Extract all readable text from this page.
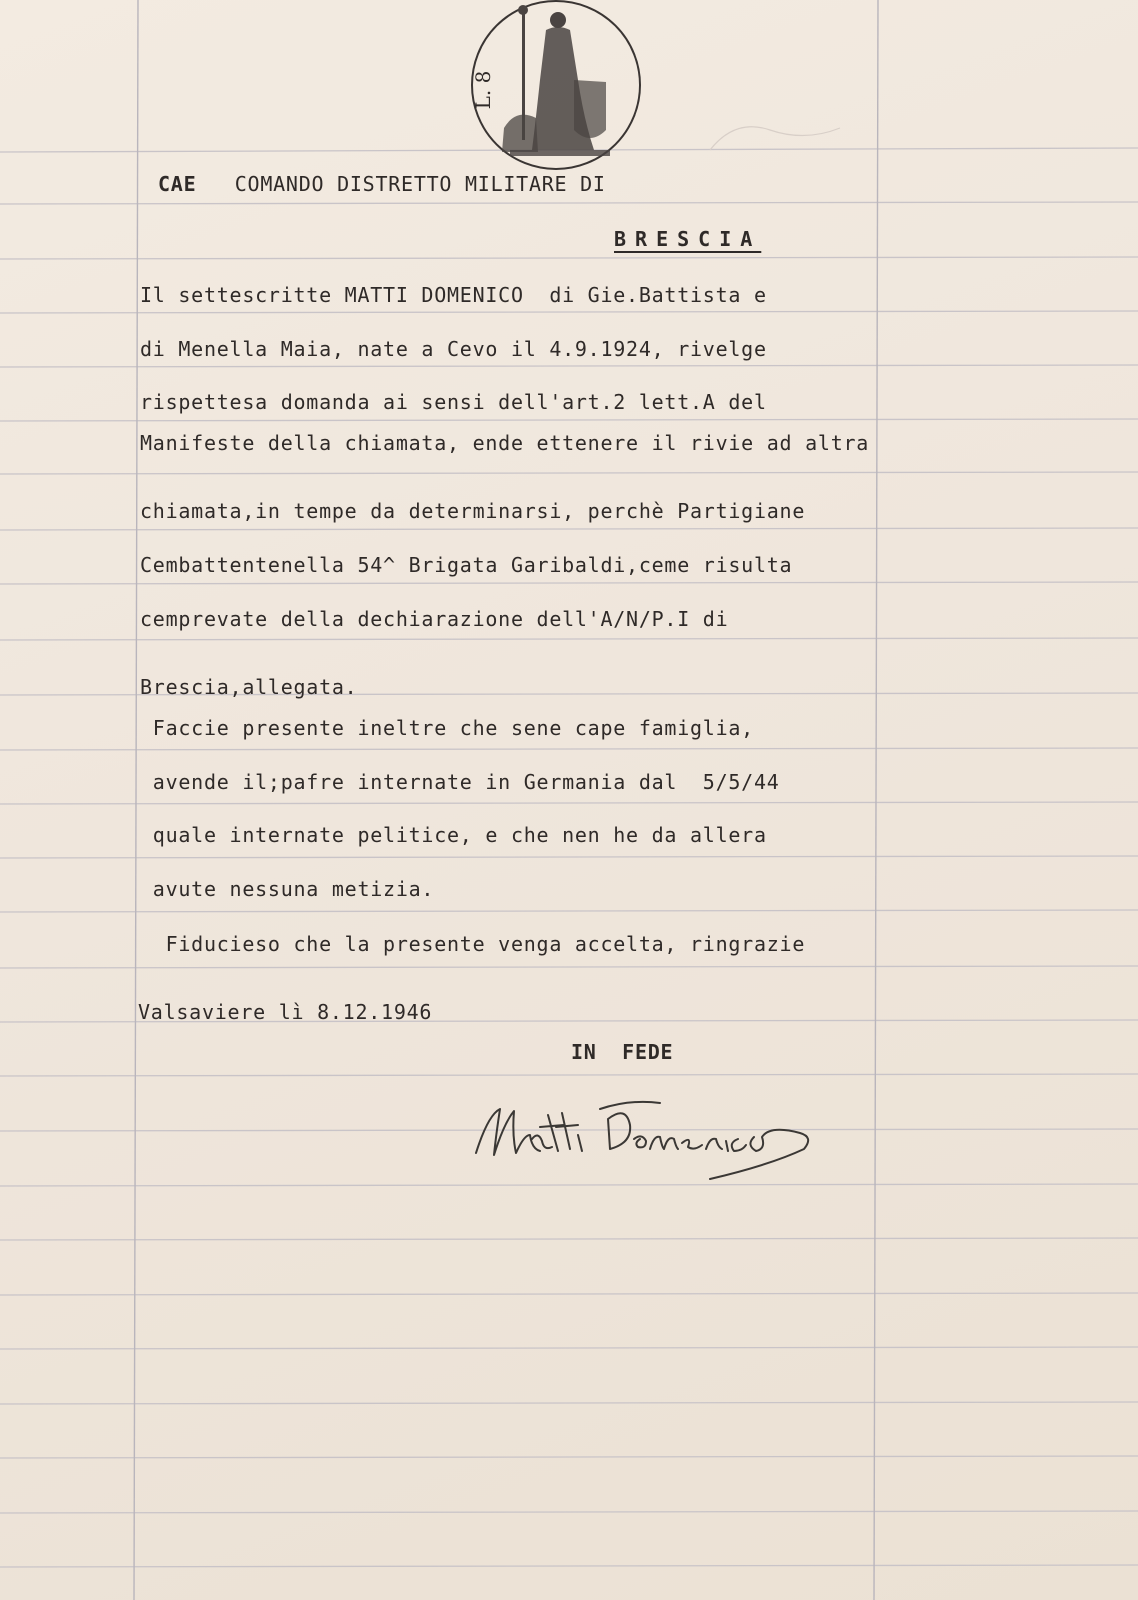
L. 8
CAE COMANDO DISTRETTO MILITARE DI
BRESCIA
Il settescritte MATTI DOMENICO  di Gie.Battista e
di Menella Maia, nate a Cevo il 4.9.1924, rivelge
rispettesa domanda ai sensi dell'art.2 lett.A del
Manifeste della chiamata, ende ettenere il rivie ad altra
chiamata,in tempe da determinarsi, perchè Partigiane
Cembattentenella 54^ Brigata Garibaldi,ceme risulta
cemprevate della dechiarazione dell'A/N/P.I di
Brescia,allegata.
Faccie presente ineltre che sene cape famiglia,
avende il;pafre internate in Germania dal  5/5/44
quale internate pelitice, e che nen he da allera
avute nessuna metizia.
Fiducieso che la presente venga accelta, ringrazie
Valsaviere lì 8.12.1946
IN  FEDE
